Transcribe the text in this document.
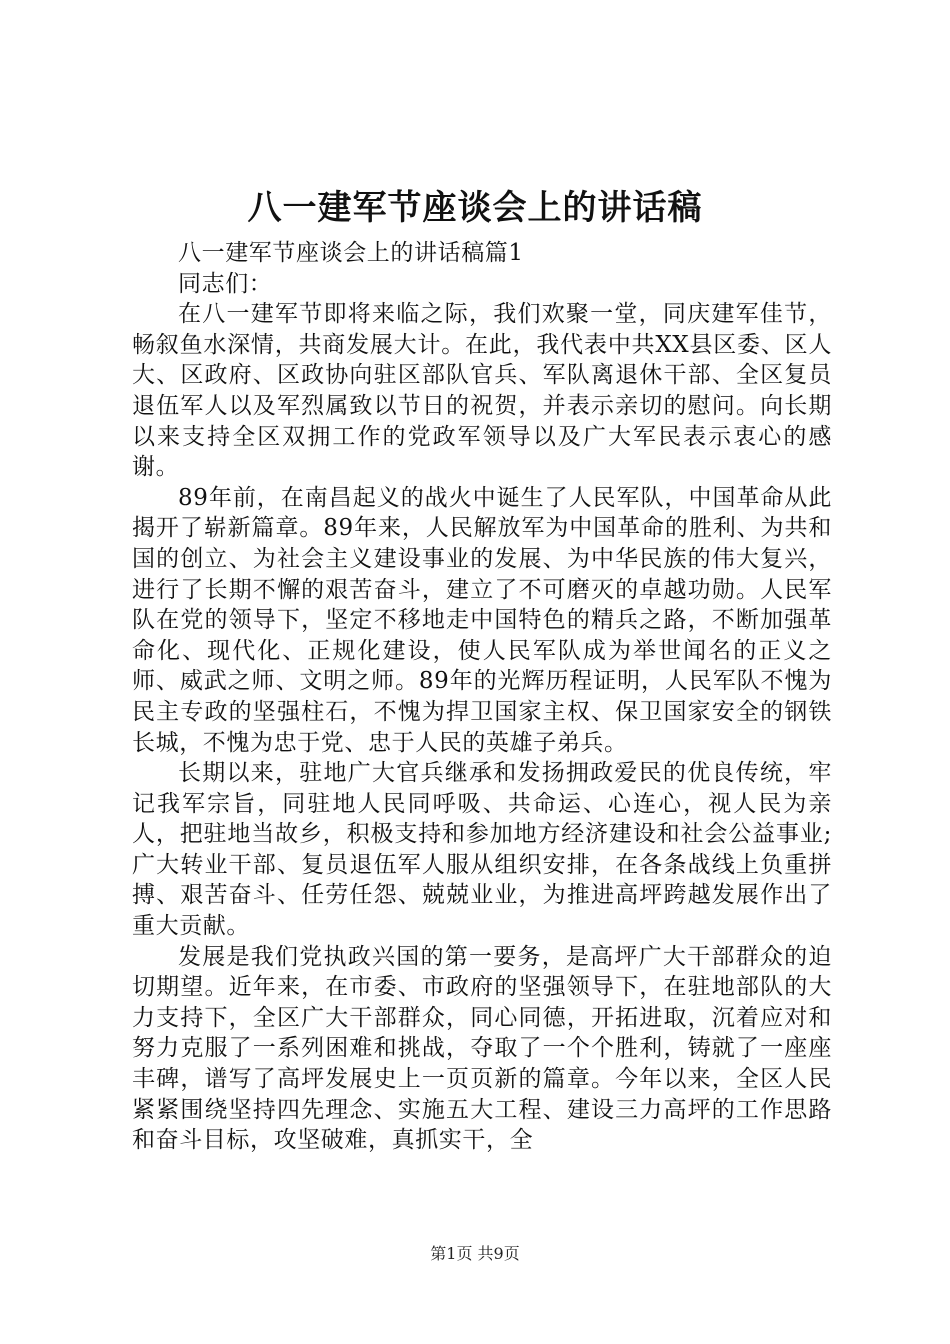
八一建军节座谈会上的讲话稿

八一建军节座谈会上的讲话稿篇1

同志们：

在八一建军节即将来临之际，我们欢聚一堂，同庆建军佳节，畅叙鱼水深情，共商发展大计。在此，我代表中共XX县区委、区人大、区政府、区政协向驻区部队官兵、军队离退休干部、全区复员退伍军人以及军烈属致以节日的祝贺，并表示亲切的慰问。向长期以来支持全区双拥工作的党政军领导以及广大军民表示衷心的感谢。

89年前，在南昌起义的战火中诞生了人民军队，中国革命从此揭开了崭新篇章。89年来，人民解放军为中国革命的胜利、为共和国的创立、为社会主义建设事业的发展、为中华民族的伟大复兴，进行了长期不懈的艰苦奋斗，建立了不可磨灭的卓越功勋。人民军队在党的领导下，坚定不移地走中国特色的精兵之路，不断加强革命化、现代化、正规化建设，使人民军队成为举世闻名的正义之师、威武之师、文明之师。89年的光辉历程证明，人民军队不愧为民主专政的坚强柱石，不愧为捍卫国家主权、保卫国家安全的钢铁长城，不愧为忠于党、忠于人民的英雄子弟兵。

长期以来，驻地广大官兵继承和发扬拥政爱民的优良传统，牢记我军宗旨，同驻地人民同呼吸、共命运、心连心，视人民为亲人，把驻地当故乡，积极支持和参加地方经济建设和社会公益事业;广大转业干部、复员退伍军人服从组织安排，在各条战线上负重拼搏、艰苦奋斗、任劳任怨、兢兢业业，为推进高坪跨越发展作出了重大贡献。

发展是我们党执政兴国的第一要务，是高坪广大干部群众的迫切期望。近年来，在市委、市政府的坚强领导下，在驻地部队的大力支持下，全区广大干部群众，同心同德，开拓进取，沉着应对和努力克服了一系列困难和挑战，夺取了一个个胜利，铸就了一座座丰碑，谱写了高坪发展史上一页页新的篇章。今年以来，全区人民紧紧围绕坚持四先理念、实施五大工程、建设三力高坪的工作思路和奋斗目标，攻坚破难，真抓实干，全

第1页 共9页
